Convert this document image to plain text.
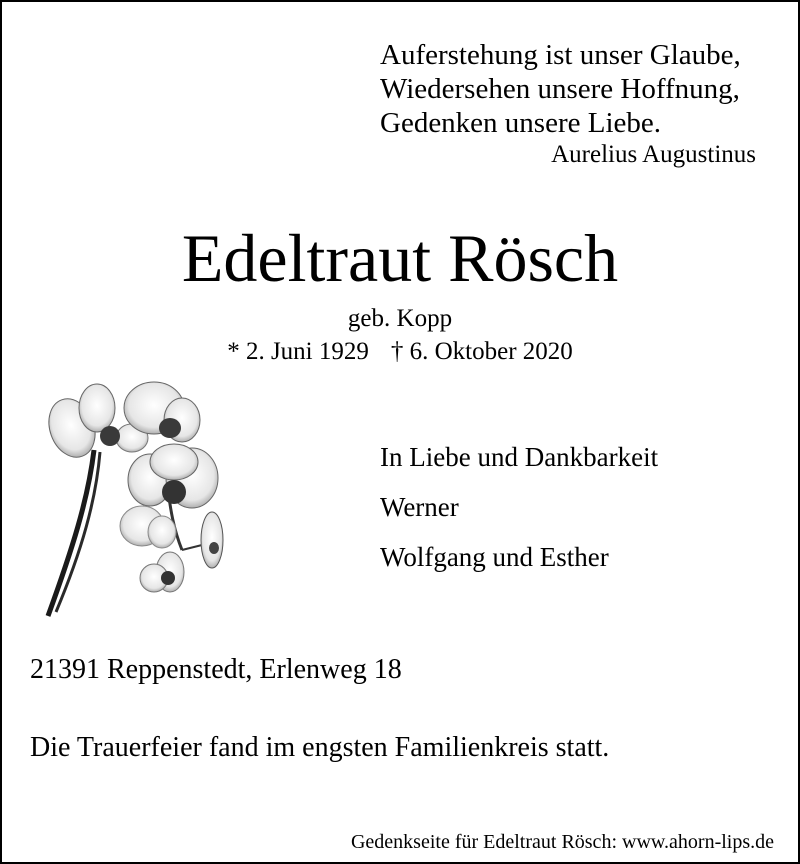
Auferstehung ist unser Glaube,
Wiedersehen unsere Hoffnung,
Gedenken unsere Liebe.
Aurelius Augustinus
Edeltraut Rösch
geb. Kopp
* 2. Juni 1929 † 6. Oktober 2020
In Liebe und Dankbarkeit
Werner
Wolfgang und Esther
21391 Reppenstedt, Erlenweg 18
Die Trauerfeier fand im engsten Familienkreis statt.
Gedenkseite für Edeltraut Rösch: www.ahorn-lips.de
